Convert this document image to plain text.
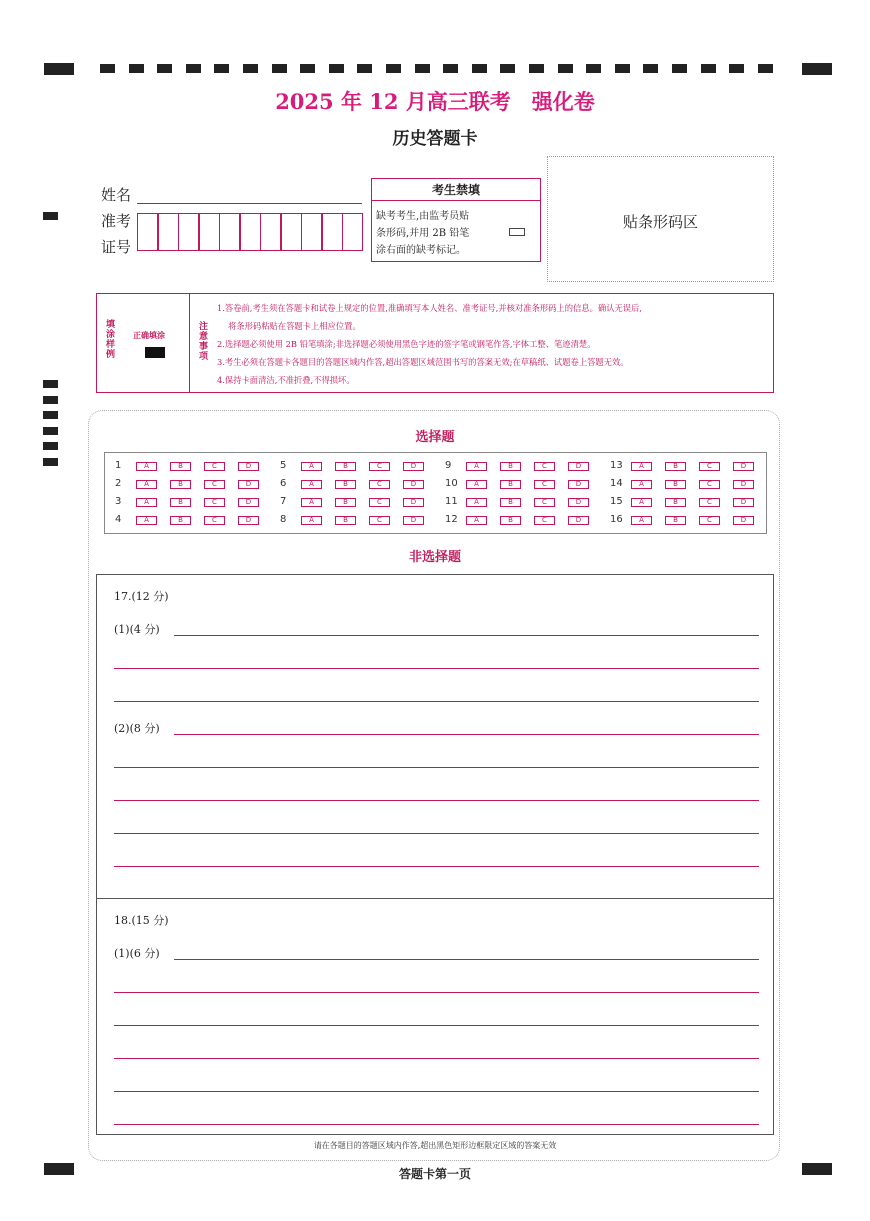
2025 年 12 月高三联考　强化卷
历史答题卡
姓名
准考
证号
考生禁填
缺考考生,由监考员贴
条形码,并用 2B 铅笔
涂右面的缺考标记。
贴条形码区
填涂样例
正确填涂
注意事项
1.答卷前,考生须在答题卡和试卷上规定的位置,准确填写本人姓名、准考证号,并核对准条形码上的信息。确认无误后,
将条形码粘贴在答题卡上相应位置。
2.选择题必须使用 2B 铅笔填涂;非选择题必须使用黑色字迹的签字笔或钢笔作答,字体工整、笔迹清楚。
3.考生必须在答题卡各题目的答题区域内作答,超出答题区域范围书写的答案无效;在草稿纸、试题卷上答题无效。
4.保持卡面清洁,不准折叠,不得损坏。
选择题
1	A	B	C	D
2	A	B	C	D
3	A	B	C	D
4	A	B	C	D
5	A	B	C	D
6	A	B	C	D
7	A	B	C	D
8	A	B	C	D
9	A	B	C	D
10	A	B	C	D
11	A	B	C	D
12	A	B	C	D
13	A	B	C	D
14	A	B	C	D
15	A	B	C	D
16	A	B	C	D
非选择题
17.(12 分)
(1)(4 分)
(2)(8 分)
18.(15 分)
(1)(6 分)
请在各题目的答题区域内作答,超出黑色矩形边框限定区域的答案无效
答题卡第一页
